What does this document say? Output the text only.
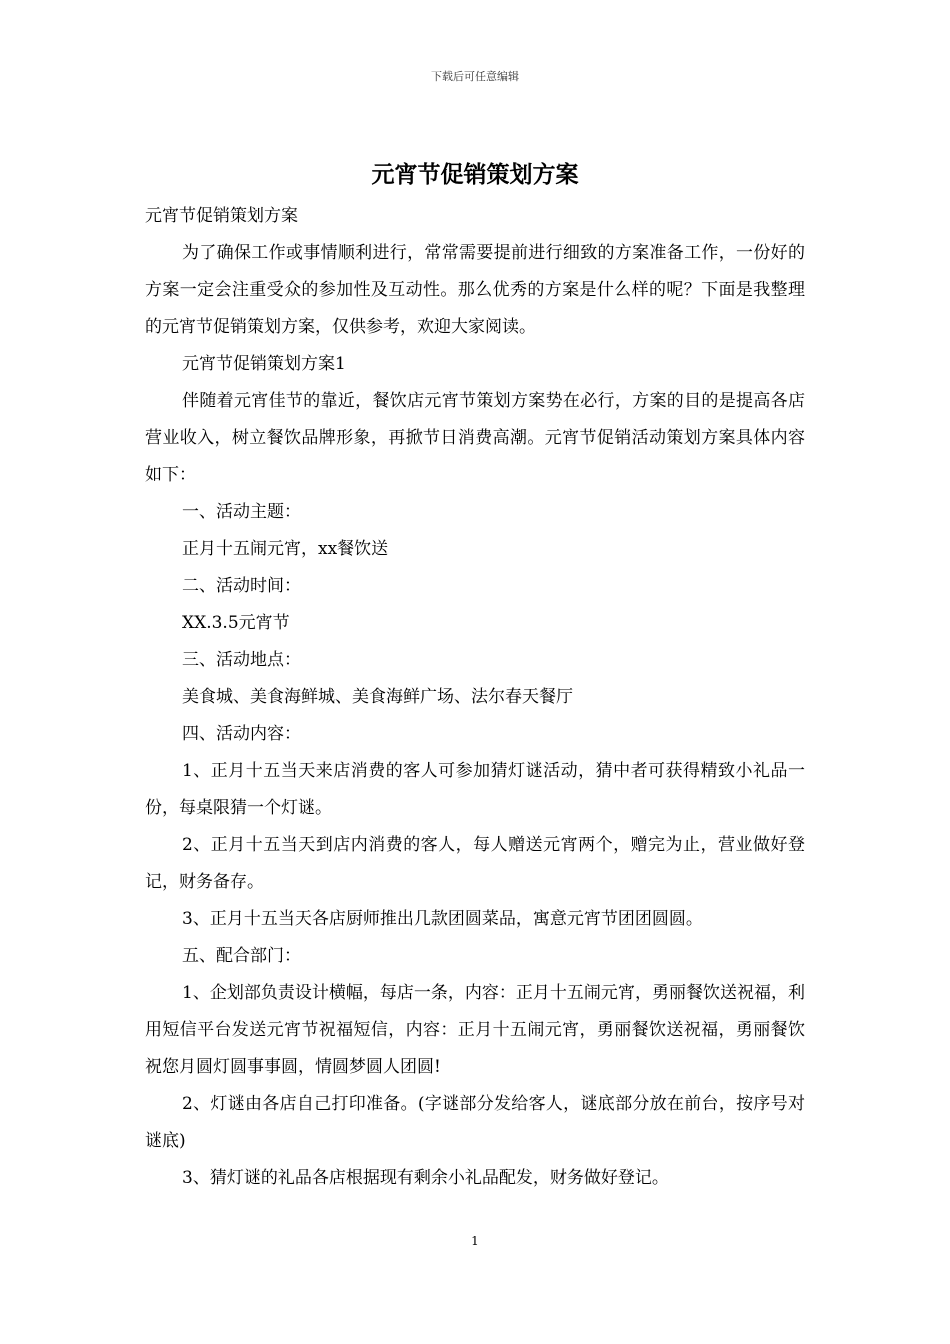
下载后可任意编辑
元宵节促销策划方案

元宵节促销策划方案

为了确保工作或事情顺利进行，常常需要提前进行细致的方案准备工作，一份好的方案一定会注重受众的参加性及互动性。那么优秀的方案是什么样的呢？下面是我整理的元宵节促销策划方案，仅供参考，欢迎大家阅读。

元宵节促销策划方案1

伴随着元宵佳节的靠近，餐饮店元宵节策划方案势在必行，方案的目的是提高各店营业收入，树立餐饮品牌形象，再掀节日消费高潮。元宵节促销活动策划方案具体内容如下：

一、活动主题：

正月十五闹元宵，xx餐饮送

二、活动时间：

XX.3.5元宵节

三、活动地点：

美食城、美食海鲜城、美食海鲜广场、法尔春天餐厅

四、活动内容：

1、正月十五当天来店消费的客人可参加猜灯谜活动，猜中者可获得精致小礼品一份，每桌限猜一个灯谜。

2、正月十五当天到店内消费的客人，每人赠送元宵两个，赠完为止，营业做好登记，财务备存。

3、正月十五当天各店厨师推出几款团圆菜品，寓意元宵节团团圆圆。

五、配合部门：

1、企划部负责设计横幅，每店一条，内容：正月十五闹元宵，勇丽餐饮送祝福，利用短信平台发送元宵节祝福短信，内容：正月十五闹元宵，勇丽餐饮送祝福，勇丽餐饮祝您月圆灯圆事事圆，情圆梦圆人团圆!

2、灯谜由各店自己打印准备。(字谜部分发给客人，谜底部分放在前台，按序号对谜底)

3、猜灯谜的礼品各店根据现有剩余小礼品配发，财务做好登记。

1
